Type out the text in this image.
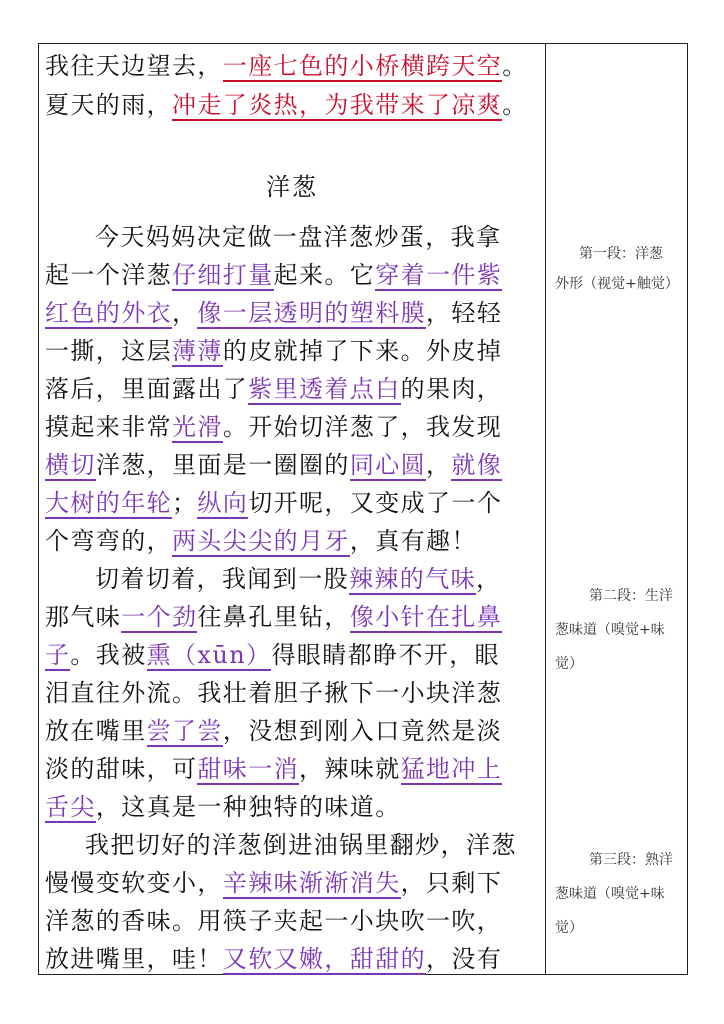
我往天边望去，一座七色的小桥横跨天空。
夏天的雨，冲走了炎热，为我带来了凉爽。
洋葱
今天妈妈决定做一盘洋葱炒蛋，我拿
起一个洋葱仔细打量起来。它穿着一件紫
红色的外衣，像一层透明的塑料膜，轻轻
一撕，这层薄薄的皮就掉了下来。外皮掉
落后，里面露出了紫里透着点白的果肉，
摸起来非常光滑。开始切洋葱了，我发现
横切洋葱，里面是一圈圈的同心圆，就像
大树的年轮；纵向切开呢，又变成了一个
个弯弯的，两头尖尖的月牙，真有趣！
切着切着，我闻到一股辣辣的气味，
那气味一个劲往鼻孔里钻，像小针在扎鼻
子。我被熏（xūn）得眼睛都睁不开，眼
泪直往外流。我壮着胆子揪下一小块洋葱
放在嘴里尝了尝，没想到刚入口竟然是淡
淡的甜味，可甜味一消，辣味就猛地冲上
舌尖，这真是一种独特的味道。
我把切好的洋葱倒进油锅里翻炒，洋葱
慢慢变软变小，辛辣味渐渐消失，只剩下
洋葱的香味。用筷子夹起一小块吹一吹，
放进嘴里，哇！又软又嫩，甜甜的，没有
第一段：洋葱
外形（视觉+触觉）
第二段：生洋
葱味道（嗅觉+味
觉）
第三段：熟洋
葱味道（嗅觉+味
觉）
